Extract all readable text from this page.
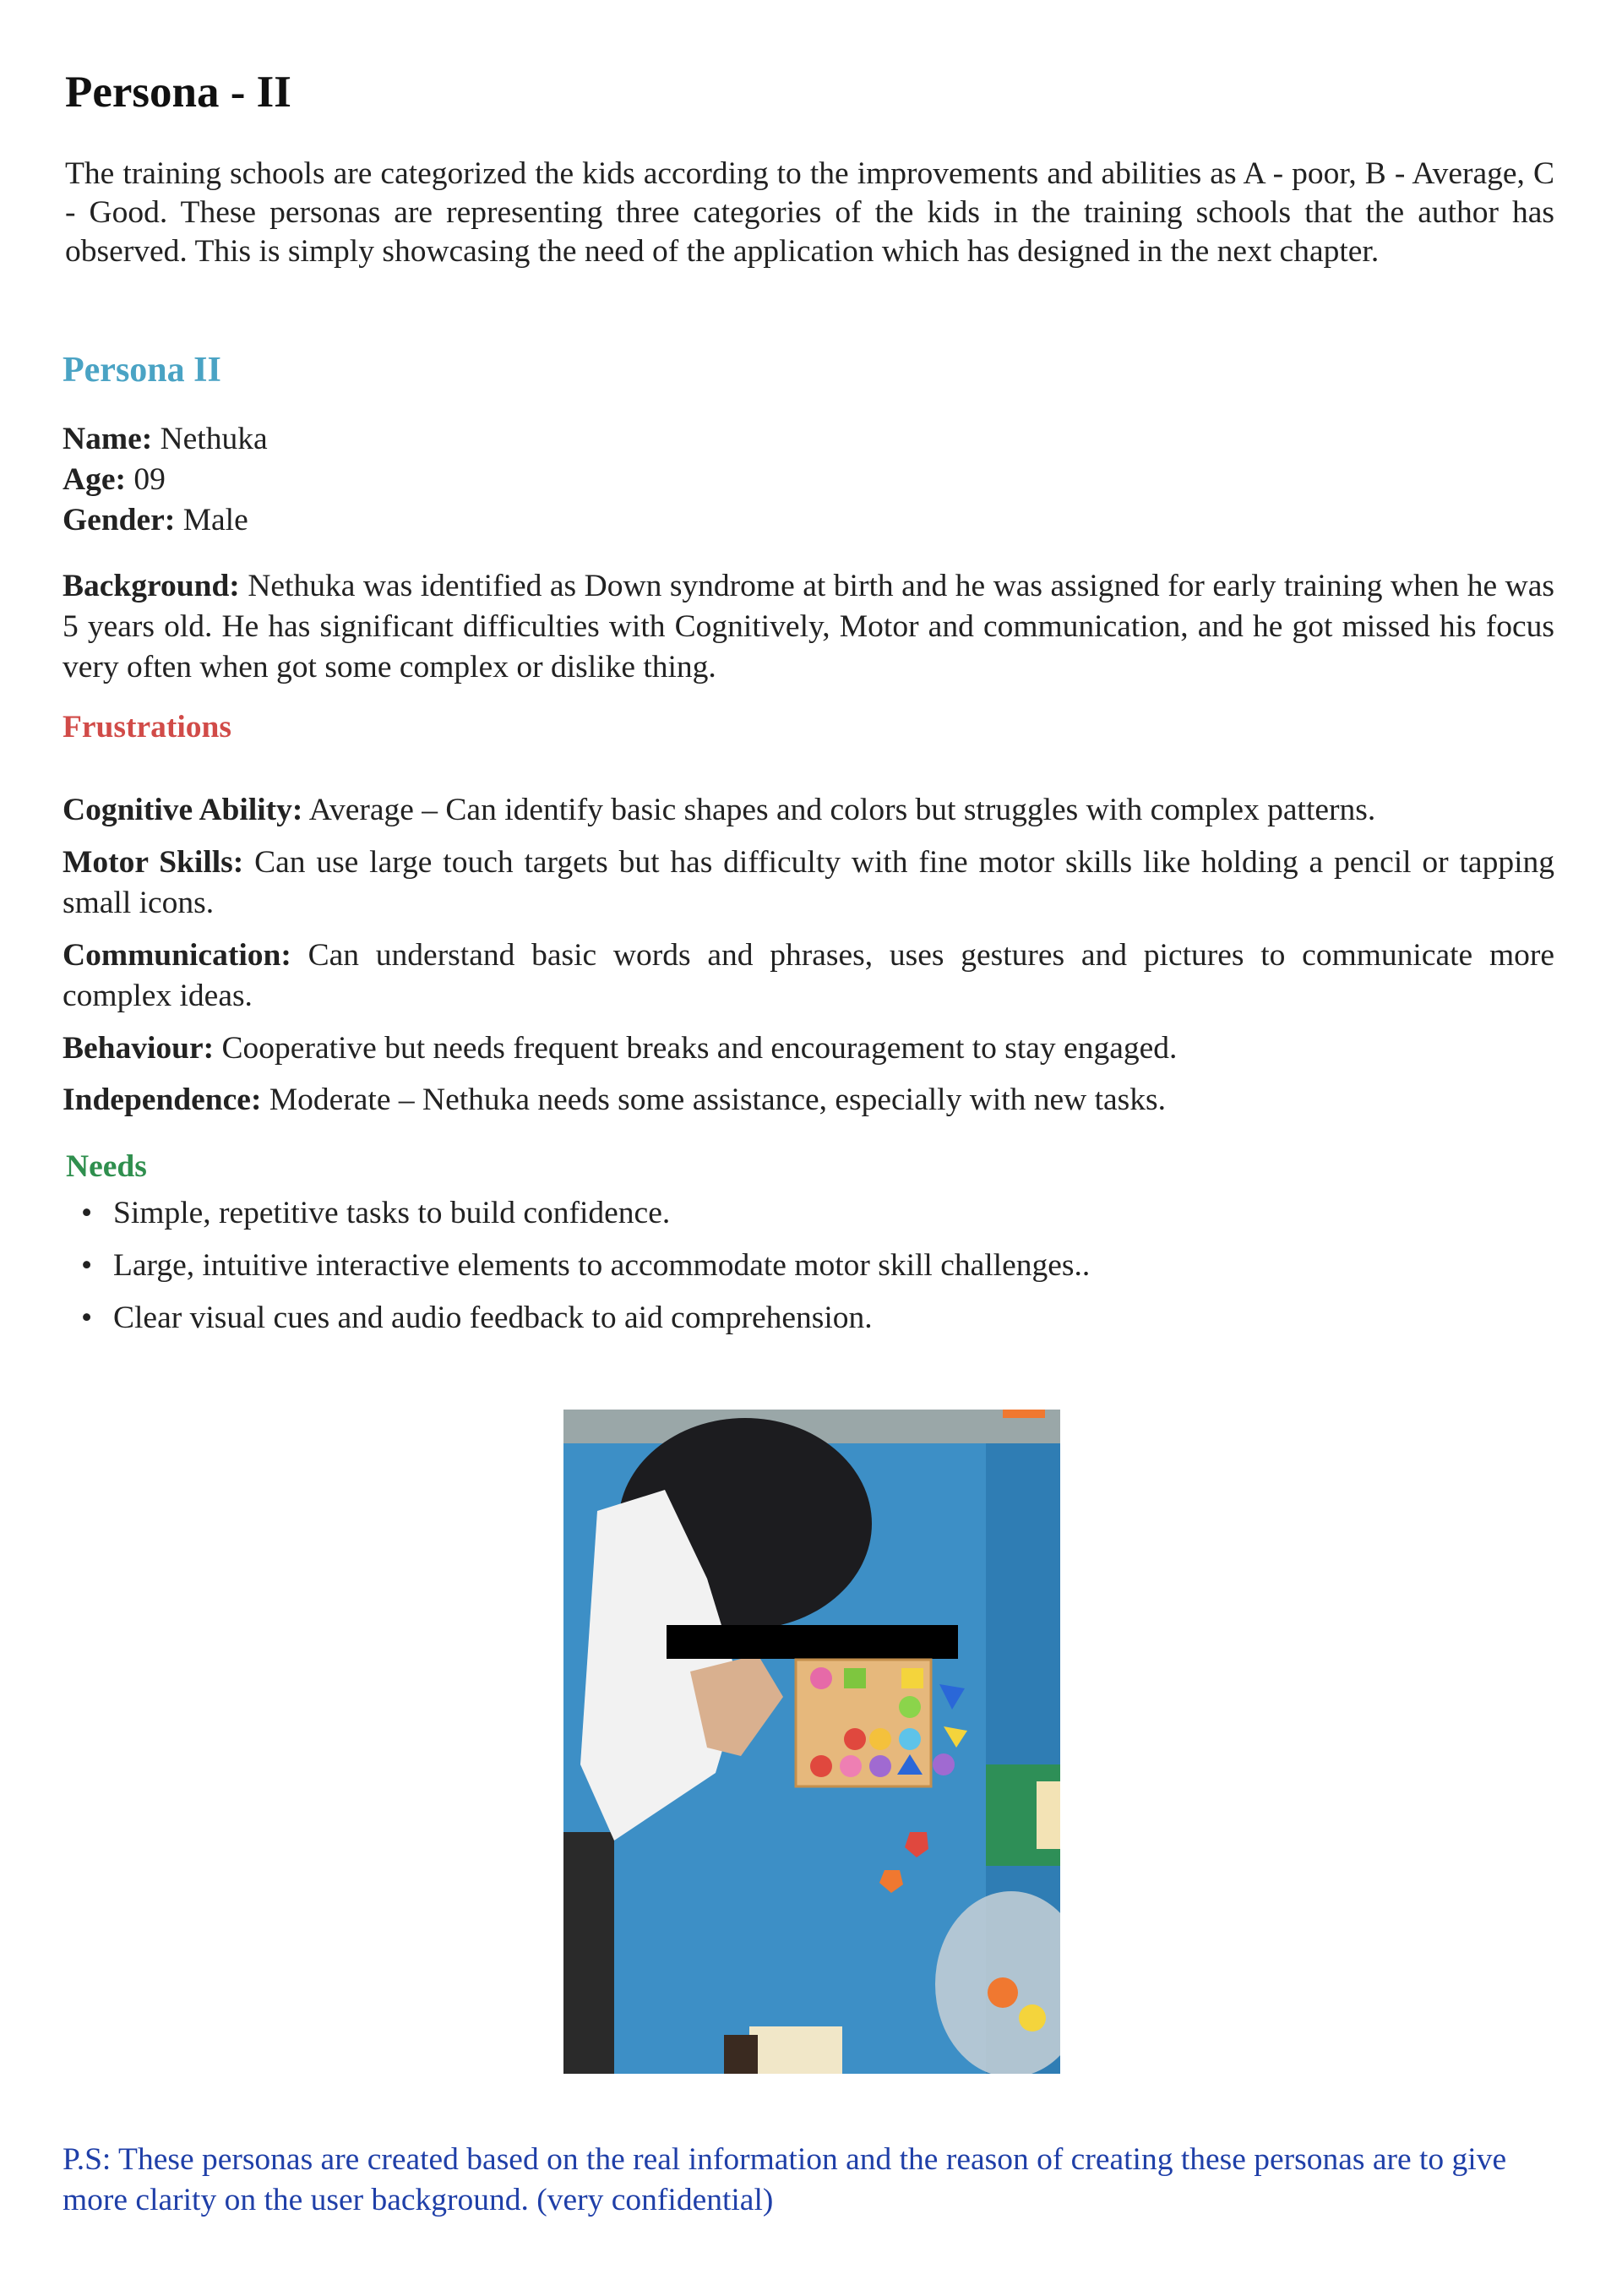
Persona - II

The training schools are categorized the kids according to the improvements and abilities as A - poor, B - Average, C - Good. These personas are representing three categories of the kids in the training schools that the author has observed. This is simply showcasing the need of the application which has designed in the next chapter.

Persona II
Name: Nethuka
Age: 09
Gender: Male

Background: Nethuka was identified as Down syndrome at birth and he was assigned for early training when he was 5 years old. He has significant difficulties with Cognitively, Motor and communication, and he got missed his focus very often when got some complex or dislike thing.

Frustrations

Cognitive Ability: Average – Can identify basic shapes and colors but struggles with complex patterns.

Motor Skills: Can use large touch targets but has difficulty with fine motor skills like holding a pencil or tapping small icons.

Communication: Can understand basic words and phrases, uses gestures and pictures to communicate more complex ideas.

Behaviour: Cooperative but needs frequent breaks and encouragement to stay engaged.

Independence: Moderate – Nethuka needs some assistance, especially with new tasks.

Needs
• Simple, repetitive tasks to build confidence.
• Large, intuitive interactive elements to accommodate motor skill challenges..
• Clear visual cues and audio feedback to aid comprehension.

P.S: These personas are created based on the real information and the reason of creating these personas are to give more clarity on the user background. (very confidential)
